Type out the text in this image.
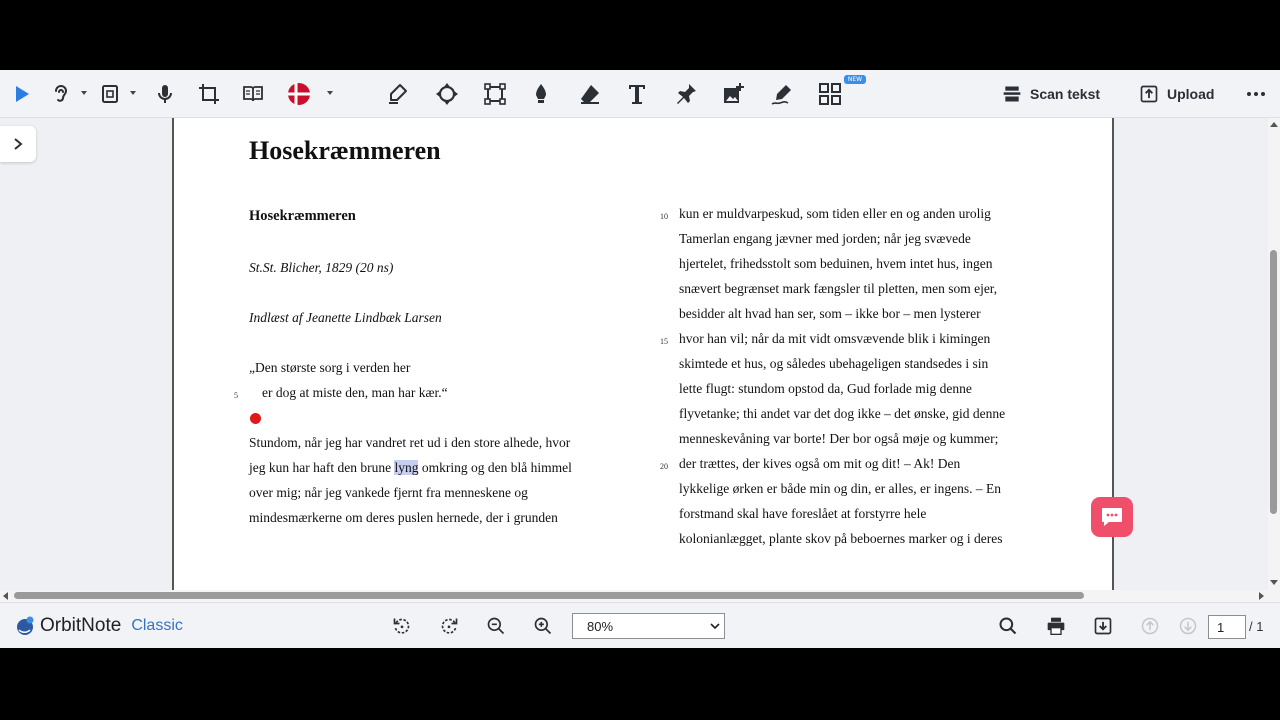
NEW
Scan tekst	Upload
Hosekræmmeren
Hosekræmmeren
St.St. Blicher, 1829 (20 ns)
Indlæst af Jeanette Lindbæk Larsen
„Den største sorg i verden her
5 er dog at miste den, man har kær.“
Stundom, når jeg har vandret ret ud i den store alhede, hvor
jeg kun har haft den brune lyng omkring og den blå himmel
over mig; når jeg vankede fjernt fra menneskene og
mindesmærkerne om deres puslen hernede, der i grunden
10
15
20
kun er muldvarpeskud, som tiden eller en og anden urolig
Tamerlan engang jævner med jorden; når jeg svævede
hjertelet, frihedsstolt som beduinen, hvem intet hus, ingen
snævert begrænset mark fængsler til pletten, men som ejer,
besidder alt hvad han ser, som – ikke bor – men lysterer
hvor han vil; når da mit vidt omsvævende blik i kimingen
skimtede et hus, og således ubehageligen standsedes i sin
lette flugt: stundom opstod da, Gud forlade mig denne
flyvetanke; thi andet var det dog ikke – det ønske, gid denne
menneskevåning var borte! Der bor også møje og kummer;
der trættes, der kives også om mit og dit! – Ak! Den
lykkelige ørken er både min og din, er alles, er ingens. – En
forstmand skal have foreslået at forstyrre hele
kolonianlægget, plante skov på beboernes marker og i deres
OrbitNote Classic	80%	1	/ 1
